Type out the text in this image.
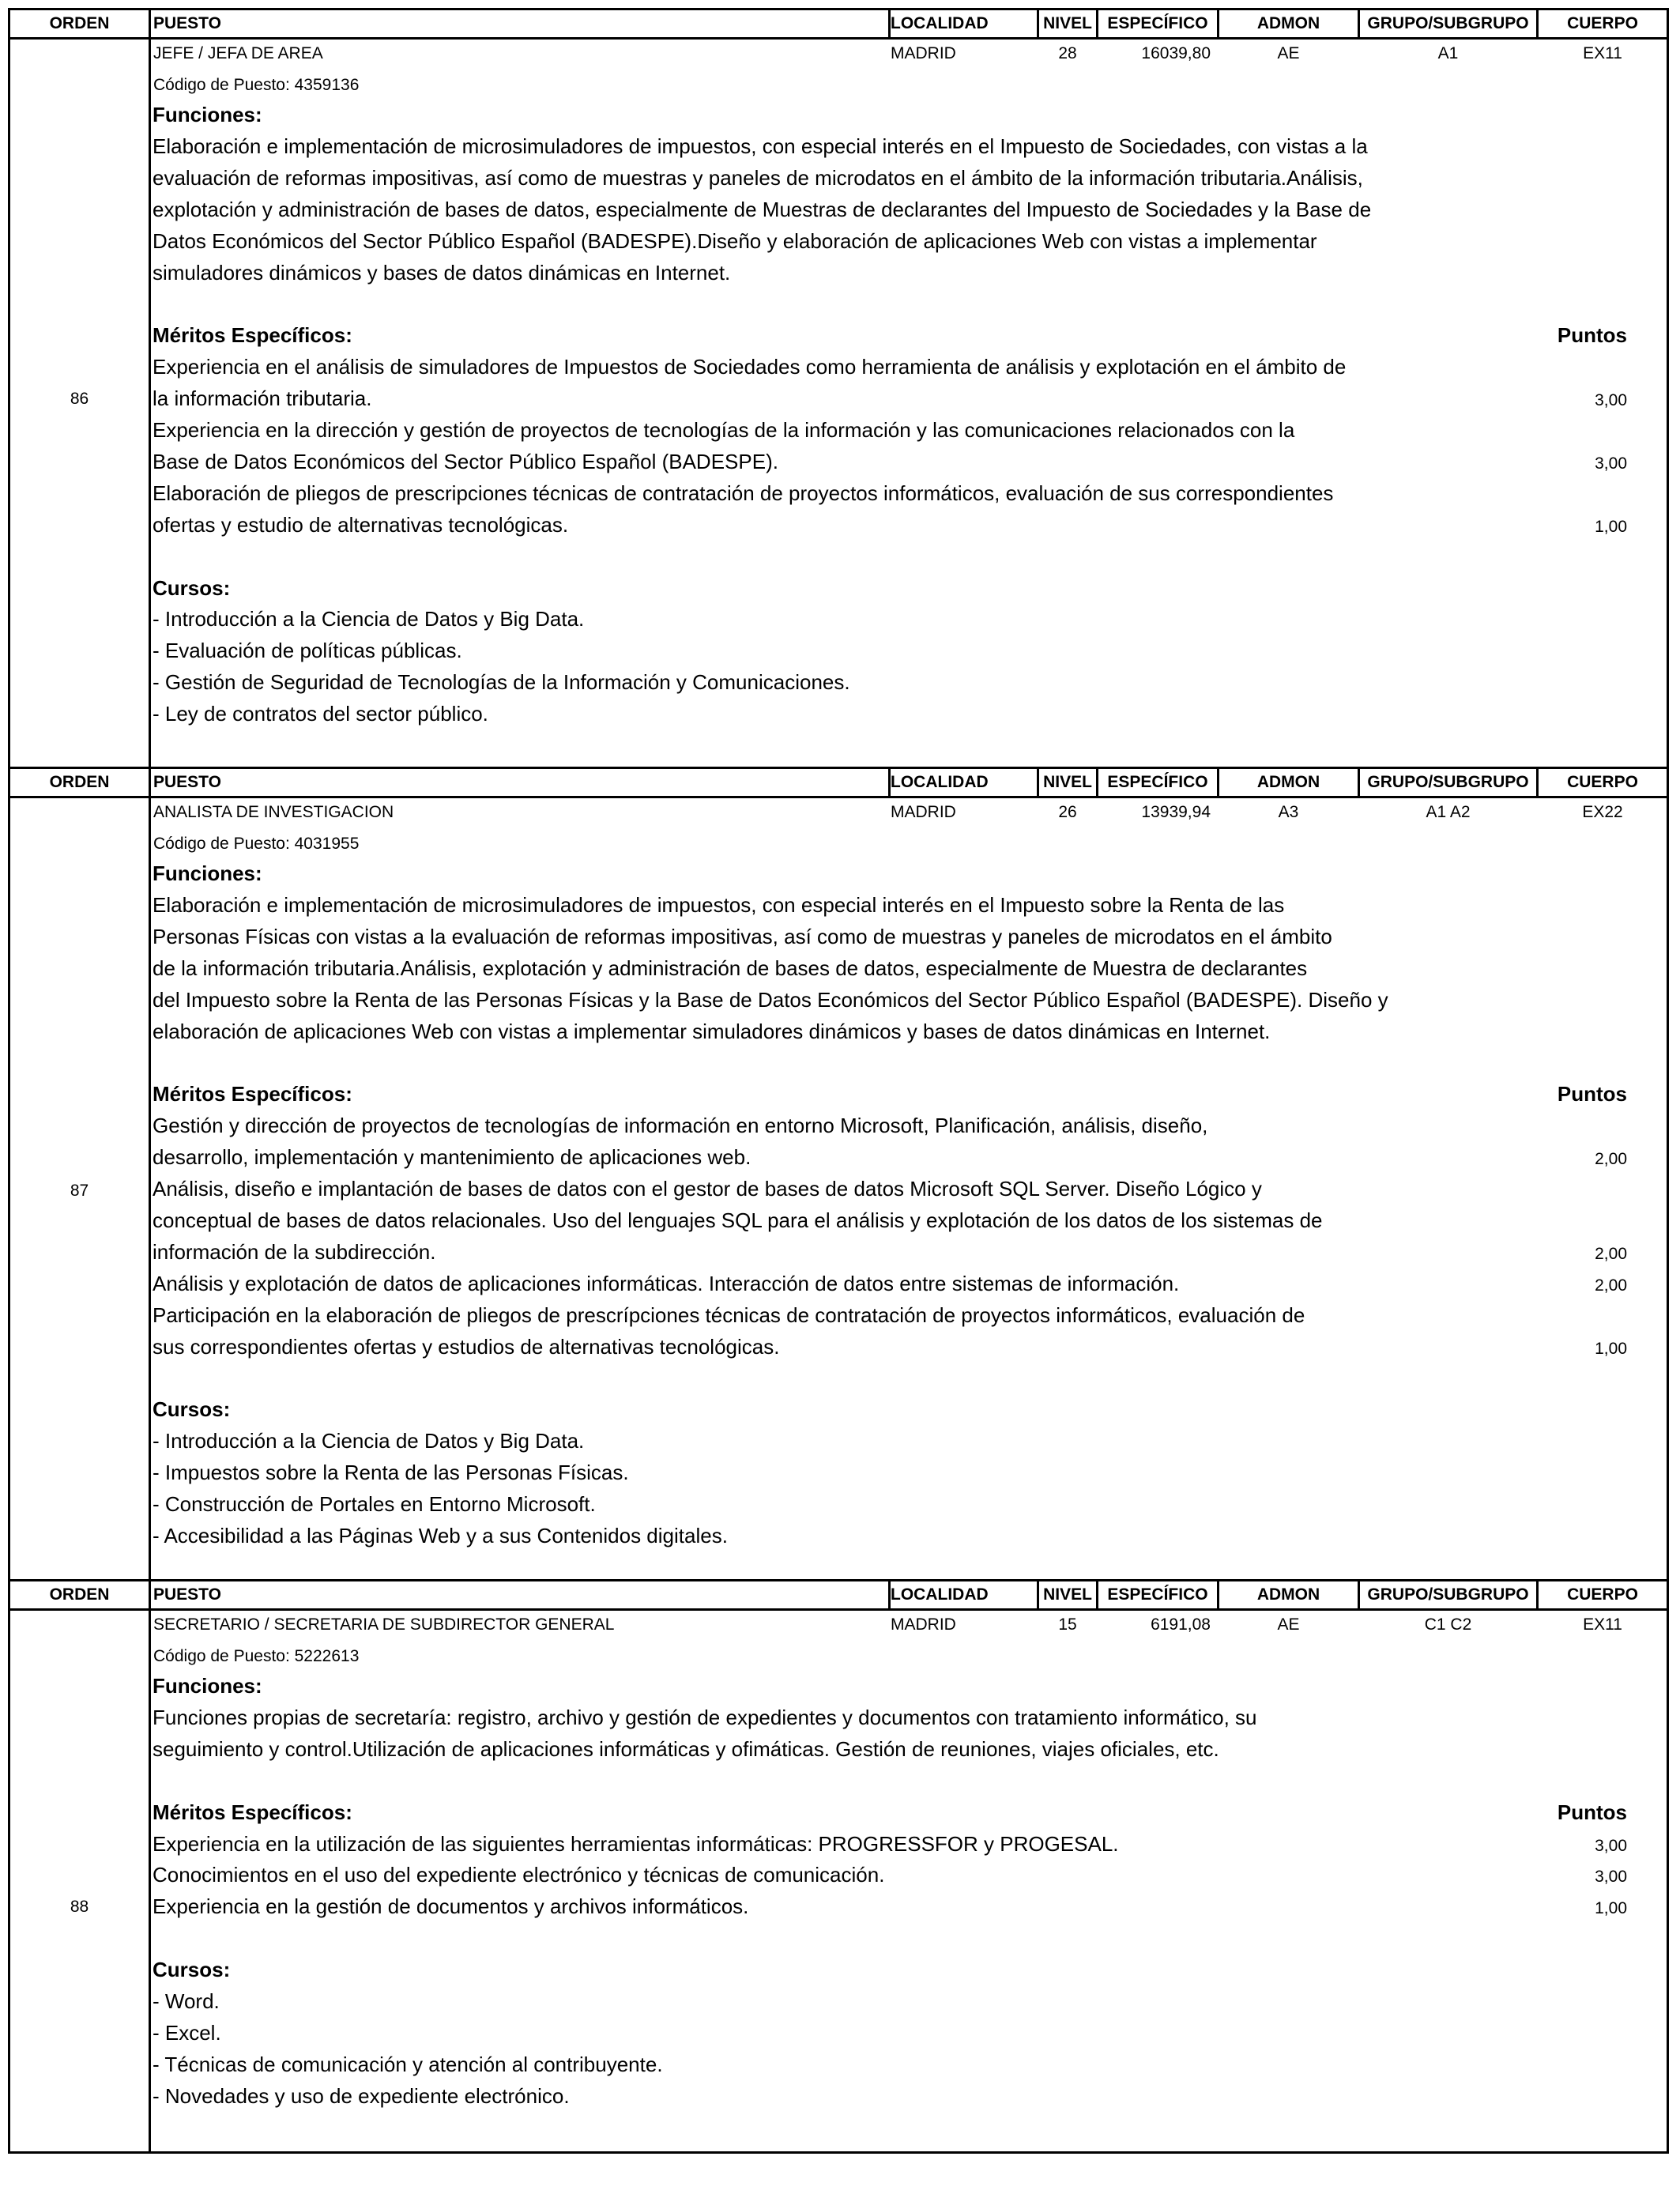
ORDEN	PUESTO	LOCALIDAD	NIVEL ESPECÍFICO	ADMON	GRUPO/SUBGRUPO	CUERPO
86
JEFE / JEFA DE AREA	MADRID	28	16039,80	AE	A1	EX11
Código de Puesto: 4359136
Funciones:
Elaboración e implementación de microsimuladores de impuestos, con especial interés en el Impuesto de Sociedades, con vistas a la
evaluación de reformas impositivas, así como de muestras y paneles de microdatos en el ámbito de la información tributaria.Análisis,
explotación y administración de bases de datos, especialmente de Muestras de declarantes del Impuesto de Sociedades y la Base de
Datos Económicos del Sector Público Español (BADESPE).Diseño y elaboración de aplicaciones Web con vistas a implementar
simuladores dinámicos y bases de datos dinámicas en Internet.
Méritos Específicos:	Puntos
Experiencia en el análisis de simuladores de Impuestos de Sociedades como herramienta de análisis y explotación en el ámbito de
la información tributaria.	3,00
Experiencia en la dirección y gestión de proyectos de tecnologías de la información y las comunicaciones relacionados con la
Base de Datos Económicos del Sector Público Español (BADESPE).	3,00
Elaboración de pliegos de prescripciones técnicas de contratación de proyectos informáticos, evaluación de sus correspondientes
ofertas y estudio de alternativas tecnológicas.	1,00
Cursos:
- Introducción a la Ciencia de Datos y Big Data.
- Evaluación de políticas públicas.
- Gestión de Seguridad de Tecnologías de la Información y Comunicaciones.
- Ley de contratos del sector público.
ORDEN	PUESTO	LOCALIDAD	NIVEL ESPECÍFICO	ADMON	GRUPO/SUBGRUPO	CUERPO
87
ANALISTA DE INVESTIGACION	MADRID	26	13939,94	A3	A1 A2	EX22
Código de Puesto: 4031955
Funciones:
Elaboración e implementación de microsimuladores de impuestos, con especial interés en el Impuesto sobre la Renta de las
Personas Físicas con vistas a la evaluación de reformas impositivas, así como de muestras y paneles de microdatos en el ámbito
de la información tributaria.Análisis, explotación y administración de bases de datos, especialmente de Muestra de declarantes
del Impuesto sobre la Renta de las Personas Físicas y la Base de Datos Económicos del Sector Público Español (BADESPE). Diseño y
elaboración de aplicaciones Web con vistas a implementar simuladores dinámicos y bases de datos dinámicas en Internet.
Méritos Específicos:	Puntos
Gestión y dirección de proyectos de tecnologías de información en entorno Microsoft, Planificación, análisis, diseño,
desarrollo, implementación y mantenimiento de aplicaciones web.	2,00
Análisis, diseño e implantación de bases de datos con el gestor de bases de datos Microsoft SQL Server. Diseño Lógico y
conceptual de bases de datos relacionales. Uso del lenguajes SQL para el análisis y explotación de los datos de los sistemas de
información de la subdirección.	2,00
Análisis y explotación de datos de aplicaciones informáticas. Interacción de datos entre sistemas de información.	2,00
Participación en la elaboración de pliegos de prescrípciones técnicas de contratación de proyectos informáticos, evaluación de
sus correspondientes ofertas y estudios de alternativas tecnológicas.	1,00
Cursos:
- Introducción a la Ciencia de Datos y Big Data.
- Impuestos sobre la Renta de las Personas Físicas.
- Construcción de Portales en Entorno Microsoft.
- Accesibilidad a las Páginas Web y a sus Contenidos digitales.
ORDEN	PUESTO	LOCALIDAD	NIVEL ESPECÍFICO	ADMON	GRUPO/SUBGRUPO	CUERPO
88
SECRETARIO / SECRETARIA DE SUBDIRECTOR GENERAL	MADRID	15	6191,08	AE	C1 C2	EX11
Código de Puesto: 5222613
Funciones:
Funciones propias de secretaría: registro, archivo y gestión de expedientes y documentos con tratamiento informático, su
seguimiento y control.Utilización de aplicaciones informáticas y ofimáticas. Gestión de reuniones, viajes oficiales, etc.
Méritos Específicos:	Puntos
Experiencia en la utilización de las siguientes herramientas informáticas: PROGRESSFOR y PROGESAL.	3,00
Conocimientos en el uso del expediente electrónico y técnicas de comunicación.	3,00
Experiencia en la gestión de documentos y archivos informáticos.	1,00
Cursos:
- Word.
- Excel.
- Técnicas de comunicación y atención al contribuyente.
- Novedades y uso de expediente electrónico.
